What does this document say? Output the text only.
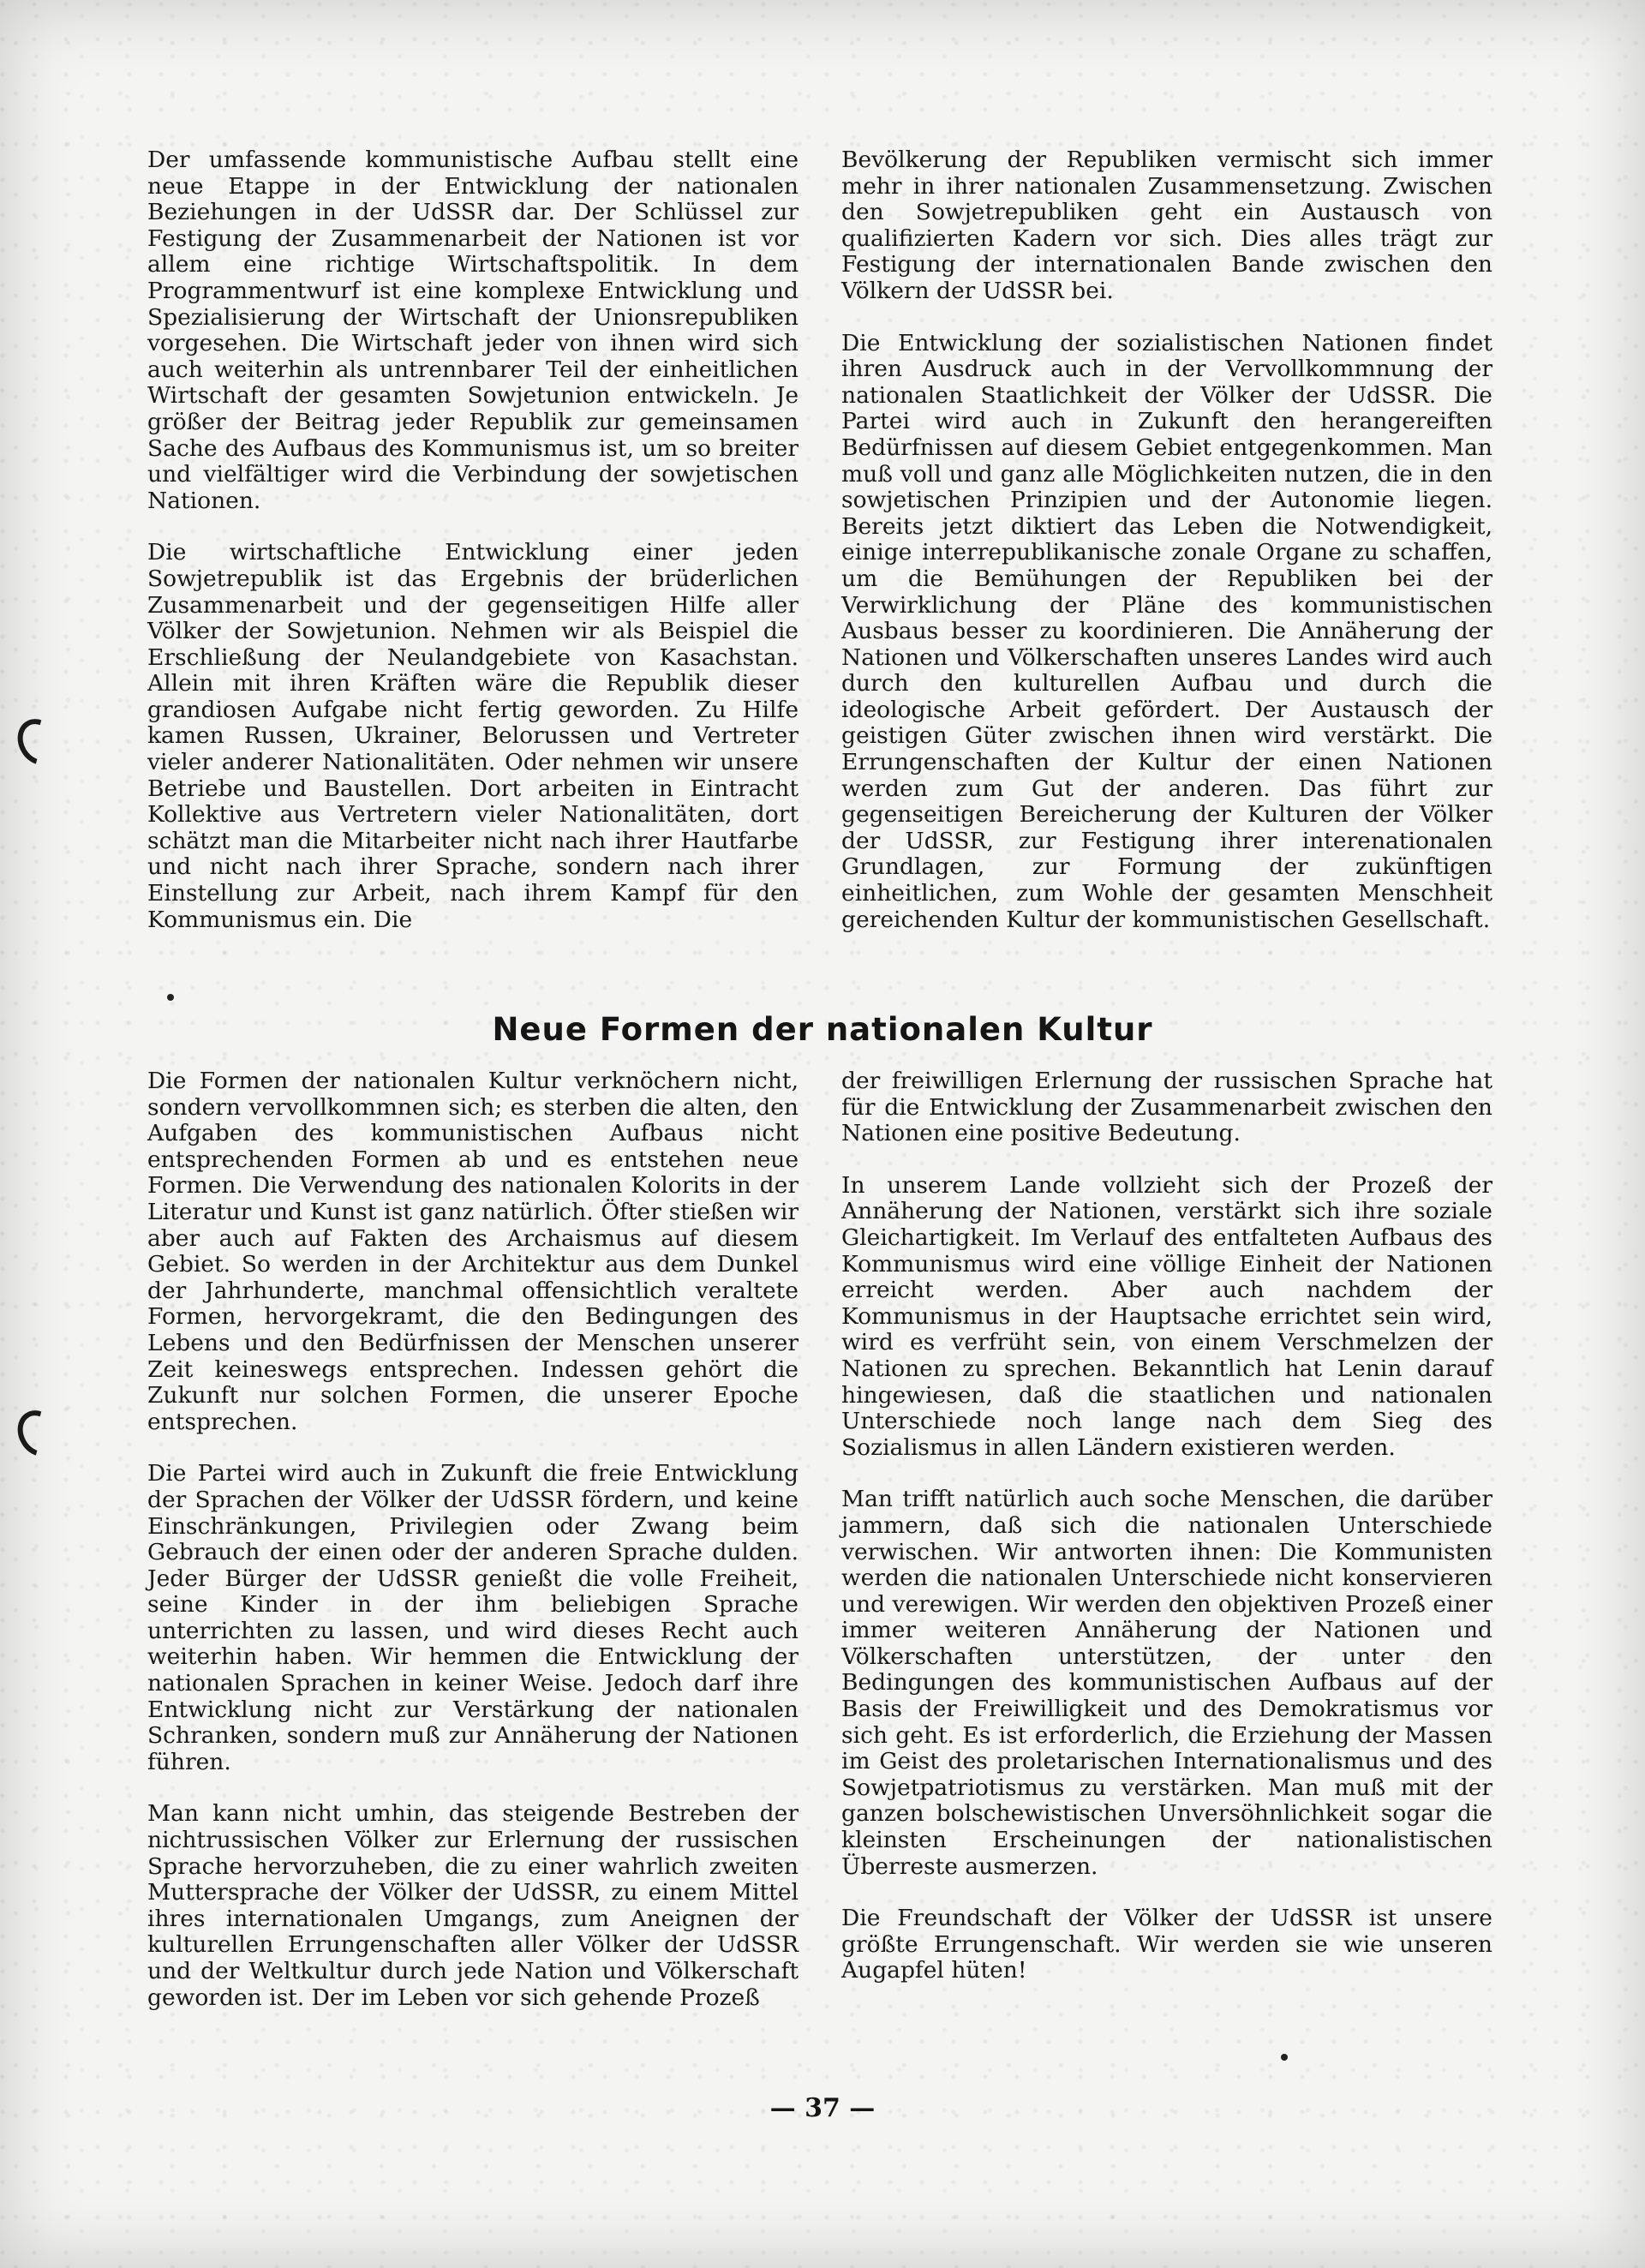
Der umfassende kommunistische Aufbau stellt eine neue Etappe in der Entwicklung der nationalen Beziehungen in der UdSSR dar. Der Schlüssel zur Festigung der Zusammenarbeit der Nationen ist vor allem eine richtige Wirtschaftspolitik. In dem Programmentwurf ist eine komplexe Entwicklung und Spezialisierung der Wirtschaft der Unionsrepubliken vorgesehen. Die Wirtschaft jeder von ihnen wird sich auch weiterhin als untrennbarer Teil der einheitlichen Wirtschaft der gesamten Sowjetunion entwickeln. Je größer der Beitrag jeder Republik zur gemeinsamen Sache des Aufbaus des Kommunismus ist, um so breiter und vielfältiger wird die Verbindung der sowjetischen Nationen.

Die wirtschaftliche Entwicklung einer jeden Sowjetrepublik ist das Ergebnis der brüderlichen Zusammenarbeit und der gegenseitigen Hilfe aller Völker der Sowjetunion. Nehmen wir als Beispiel die Erschließung der Neulandgebiete von Kasachstan. Allein mit ihren Kräften wäre die Republik dieser grandiosen Aufgabe nicht fertig geworden. Zu Hilfe kamen Russen, Ukrainer, Belorussen und Vertreter vieler anderer Nationalitäten. Oder nehmen wir unsere Betriebe und Baustellen. Dort arbeiten in Eintracht Kollektive aus Vertretern vieler Nationalitäten, dort schätzt man die Mitarbeiter nicht nach ihrer Hautfarbe und nicht nach ihrer Sprache, sondern nach ihrer Einstellung zur Arbeit, nach ihrem Kampf für den Kommunismus ein. Die

Bevölkerung der Republiken vermischt sich immer mehr in ihrer nationalen Zusammensetzung. Zwischen den Sowjetrepubliken geht ein Austausch von qualifizierten Kadern vor sich. Dies alles trägt zur Festigung der internationalen Bande zwischen den Völkern der UdSSR bei.

Die Entwicklung der sozialistischen Nationen findet ihren Ausdruck auch in der Vervollkommnung der nationalen Staatlichkeit der Völker der UdSSR. Die Partei wird auch in Zukunft den herangereiften Bedürfnissen auf diesem Gebiet entgegenkommen. Man muß voll und ganz alle Möglichkeiten nutzen, die in den sowjetischen Prinzipien und der Autonomie liegen. Bereits jetzt diktiert das Leben die Notwendigkeit, einige interrepublikanische zonale Organe zu schaffen, um die Bemühungen der Republiken bei der Verwirklichung der Pläne des kommunistischen Ausbaus besser zu koordinieren. Die Annäherung der Nationen und Völkerschaften unseres Landes wird auch durch den kulturellen Aufbau und durch die ideologische Arbeit gefördert. Der Austausch der geistigen Güter zwischen ihnen wird verstärkt. Die Errungenschaften der Kultur der einen Nationen werden zum Gut der anderen. Das führt zur gegenseitigen Bereicherung der Kulturen der Völker der UdSSR, zur Festigung ihrer interenationalen Grundlagen, zur Formung der zukünftigen einheitlichen, zum Wohle der gesamten Menschheit gereichenden Kultur der kommunistischen Gesellschaft.

Neue Formen der nationalen Kultur

Die Formen der nationalen Kultur verknöchern nicht, sondern vervollkommnen sich; es sterben die alten, den Aufgaben des kommunistischen Aufbaus nicht entsprechenden Formen ab und es entstehen neue Formen. Die Verwendung des nationalen Kolorits in der Literatur und Kunst ist ganz natürlich. Öfter stießen wir aber auch auf Fakten des Archaismus auf diesem Gebiet. So werden in der Architektur aus dem Dunkel der Jahrhunderte, manchmal offensichtlich veraltete Formen, hervorgekramt, die den Bedingungen des Lebens und den Bedürfnissen der Menschen unserer Zeit keineswegs entsprechen. Indessen gehört die Zukunft nur solchen Formen, die unserer Epoche entsprechen.

Die Partei wird auch in Zukunft die freie Entwicklung der Sprachen der Völker der UdSSR fördern, und keine Einschränkungen, Privilegien oder Zwang beim Gebrauch der einen oder der anderen Sprache dulden. Jeder Bürger der UdSSR genießt die volle Freiheit, seine Kinder in der ihm beliebigen Sprache unterrichten zu lassen, und wird dieses Recht auch weiterhin haben. Wir hemmen die Entwicklung der nationalen Sprachen in keiner Weise. Jedoch darf ihre Entwicklung nicht zur Verstärkung der nationalen Schranken, sondern muß zur Annäherung der Nationen führen.

Man kann nicht umhin, das steigende Bestreben der nichtrussischen Völker zur Erlernung der russischen Sprache hervorzuheben, die zu einer wahrlich zweiten Muttersprache der Völker der UdSSR, zu einem Mittel ihres internationalen Umgangs, zum Aneignen der kulturellen Errungenschaften aller Völker der UdSSR und der Weltkultur durch jede Nation und Völkerschaft geworden ist. Der im Leben vor sich gehende Prozeß

der freiwilligen Erlernung der russischen Sprache hat für die Entwicklung der Zusammenarbeit zwischen den Nationen eine positive Bedeutung.

In unserem Lande vollzieht sich der Prozeß der Annäherung der Nationen, verstärkt sich ihre soziale Gleichartigkeit. Im Verlauf des entfalteten Aufbaus des Kommunismus wird eine völlige Einheit der Nationen erreicht werden. Aber auch nachdem der Kommunismus in der Hauptsache errichtet sein wird, wird es verfrüht sein, von einem Verschmelzen der Nationen zu sprechen. Bekanntlich hat Lenin darauf hingewiesen, daß die staatlichen und nationalen Unterschiede noch lange nach dem Sieg des Sozialismus in allen Ländern existieren werden.

Man trifft natürlich auch soche Menschen, die darüber jammern, daß sich die nationalen Unterschiede verwischen. Wir antworten ihnen: Die Kommunisten werden die nationalen Unterschiede nicht konservieren und verewigen. Wir werden den objektiven Prozeß einer immer weiteren Annäherung der Nationen und Völkerschaften unterstützen, der unter den Bedingungen des kommunistischen Aufbaus auf der Basis der Freiwilligkeit und des Demokratismus vor sich geht. Es ist erforderlich, die Erziehung der Massen im Geist des proletarischen Internationalismus und des Sowjetpatriotismus zu verstärken. Man muß mit der ganzen bolschewistischen Unversöhnlichkeit sogar die kleinsten Erscheinungen der nationalistischen Überreste ausmerzen.

Die Freundschaft der Völker der UdSSR ist unsere größte Errungenschaft. Wir werden sie wie unseren Augapfel hüten!

— 37 —
